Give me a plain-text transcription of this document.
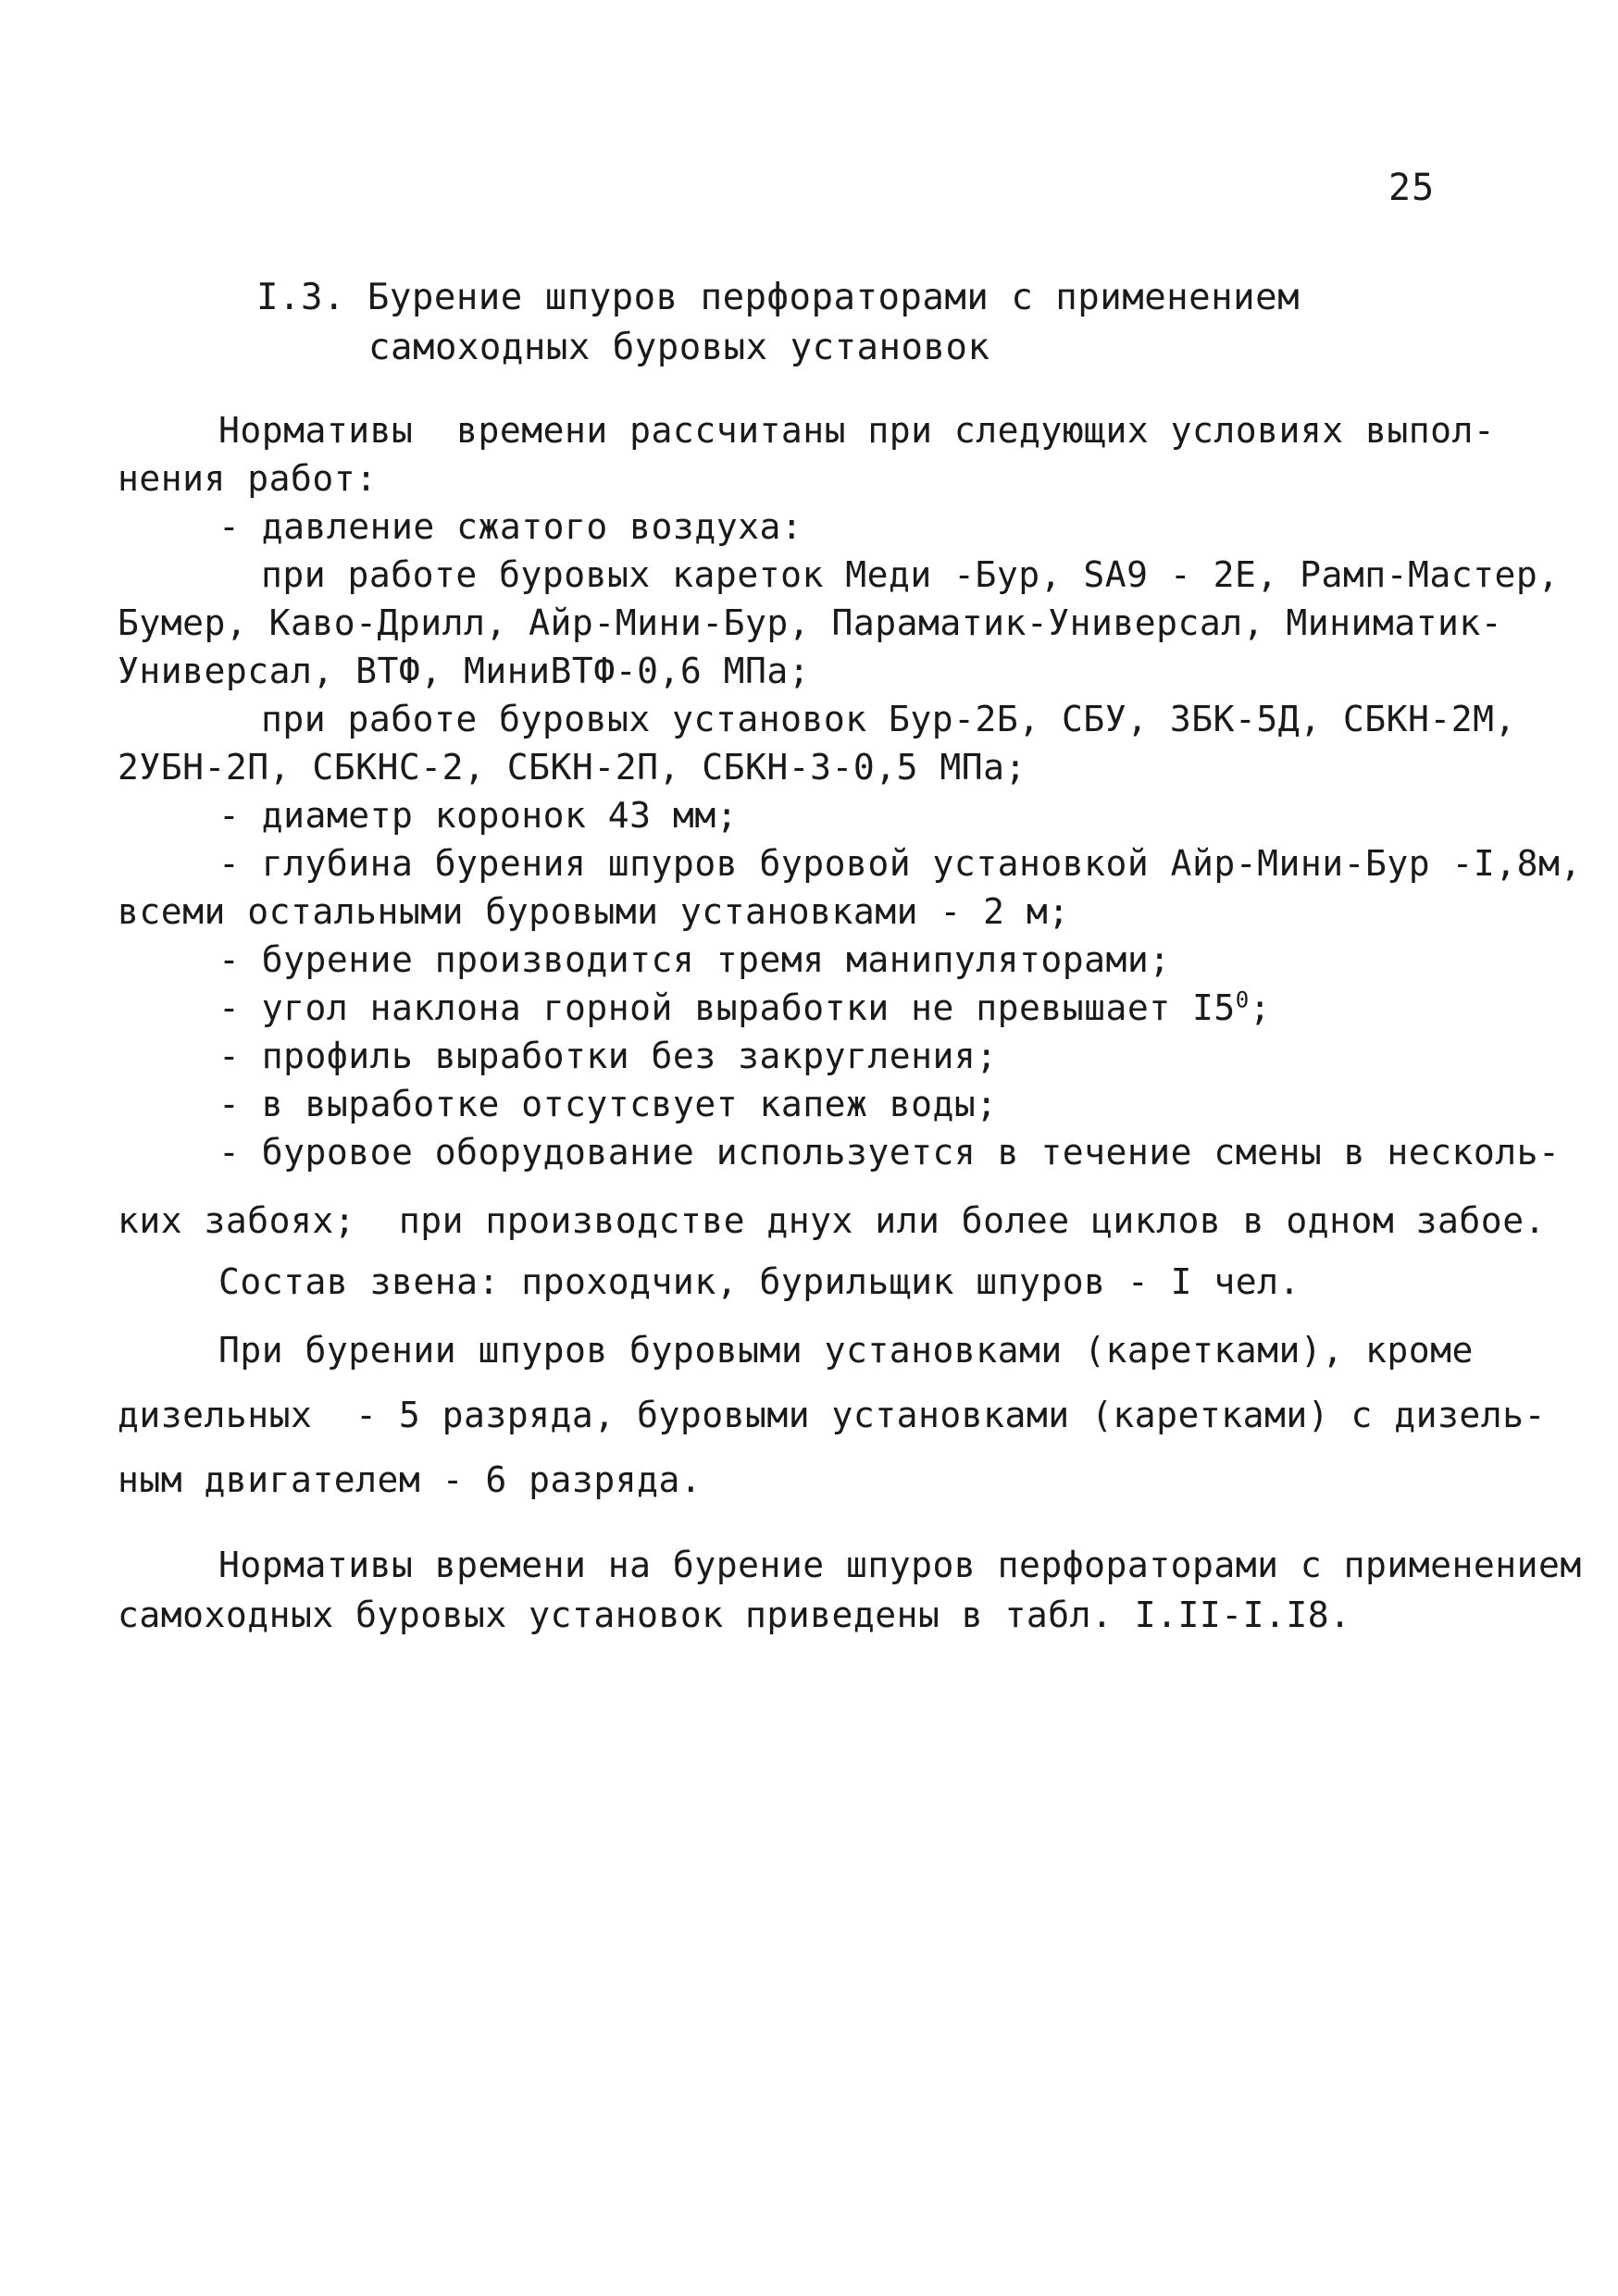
25
I.3. Бурение шпуров перфораторами с применением
самоходных буровых установок
Нормативы  времени рассчитаны при следующих условиях выпол-
нения работ:
- давление сжатого воздуха:
при работе буровых кареток Меди -Бур, SA9 - 2Е, Рамп-Мастер,
Бумер, Каво-Дрилл, Айр-Мини-Бур, Параматик-Универсал, Миниматик-
Универсал, ВТФ, МиниВТФ-0,6 МПа;
при работе буровых установок Бур-2Б, СБУ, 3БК-5Д, СБКН-2М,
2УБН-2П, СБКНС-2, СБКН-2П, СБКН-3-0,5 МПа;
- диаметр коронок 43 мм;
- глубина бурения шпуров буровой установкой Айр-Мини-Бур -I,8м,
всеми остальными буровыми установками - 2 м;
- бурение производится тремя манипуляторами;
- угол наклона горной выработки не превышает $I5^0$;
- профиль выработки без закругления;
- в выработке отсутсвует капеж воды;
- буровое оборудование используется в течение смены в несколь-
ких забоях;  при производстве днух или более циклов в одном забое.
Состав звена: проходчик, бурильщик шпуров - I чел.
При бурении шпуров буровыми установками (каретками), кроме
дизельных  - 5 разряда, буровыми установками (каретками) с дизель-
ным двигателем - 6 разряда.
Нормативы времени на бурение шпуров перфораторами с применением
самоходных буровых установок приведены в табл. I.II-I.I8.
